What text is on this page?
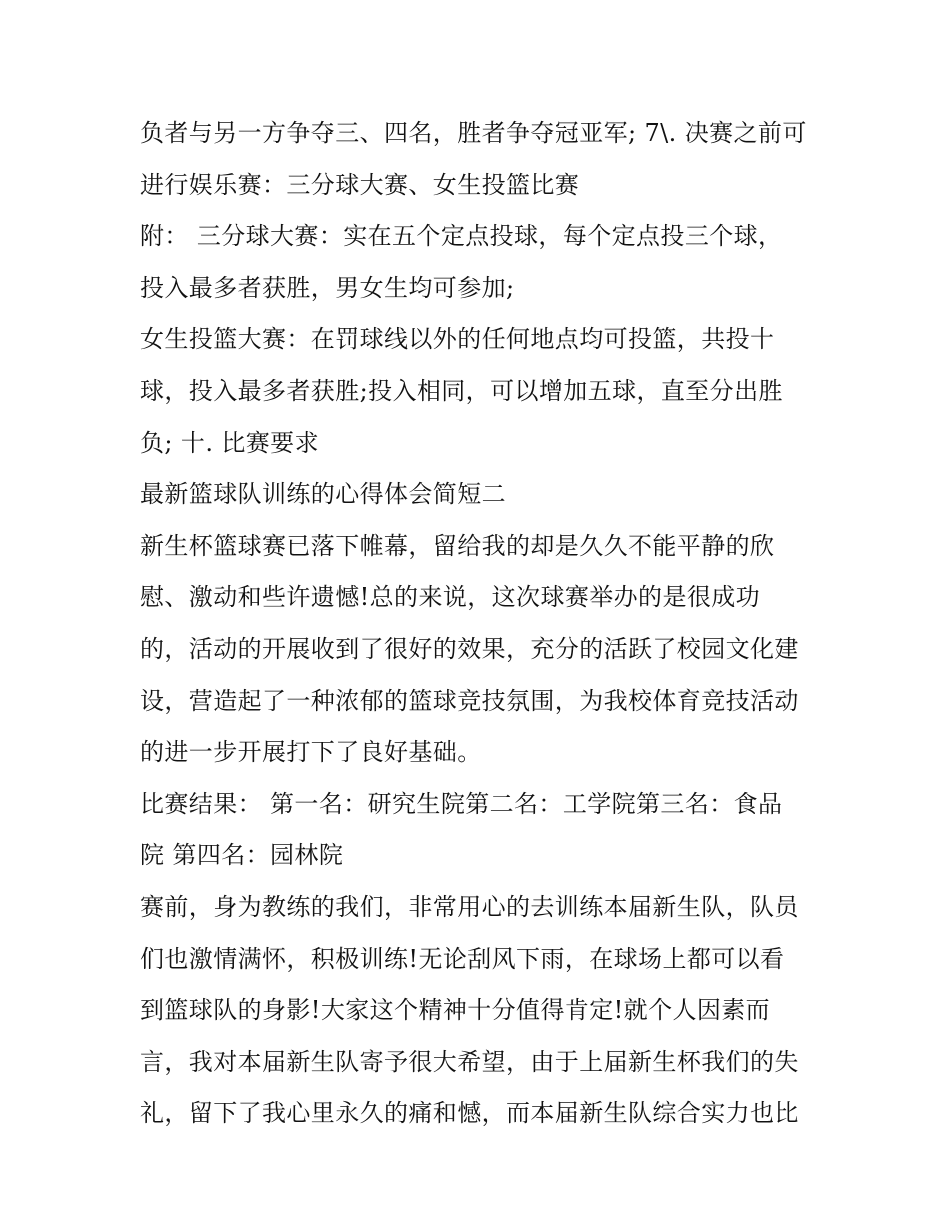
负者与另一方争夺三、四名，胜者争夺冠亚军; 7\. 决赛之前可
进行娱乐赛：三分球大赛、女生投篮比赛
附： 三分球大赛：实在五个定点投球，每个定点投三个球，
投入最多者获胜，男女生均可参加;
女生投篮大赛：在罚球线以外的任何地点均可投篮，共投十
球，投入最多者获胜;投入相同，可以增加五球，直至分出胜
负; 十. 比赛要求
最新篮球队训练的心得体会简短二
新生杯篮球赛已落下帷幕，留给我的却是久久不能平静的欣
慰、激动和些许遗憾!总的来说，这次球赛举办的是很成功
的，活动的开展收到了很好的效果，充分的活跃了校园文化建
设，营造起了一种浓郁的篮球竞技氛围，为我校体育竞技活动
的进一步开展打下了良好基础。
比赛结果： 第一名：研究生院第二名：工学院第三名：食品
院 第四名：园林院
赛前，身为教练的我们，非常用心的去训练本届新生队，队员
们也激情满怀，积极训练!无论刮风下雨，在球场上都可以看
到篮球队的身影!大家这个精神十分值得肯定!就个人因素而
言，我对本届新生队寄予很大希望，由于上届新生杯我们的失
礼，留下了我心里永久的痛和憾，而本届新生队综合实力也比
